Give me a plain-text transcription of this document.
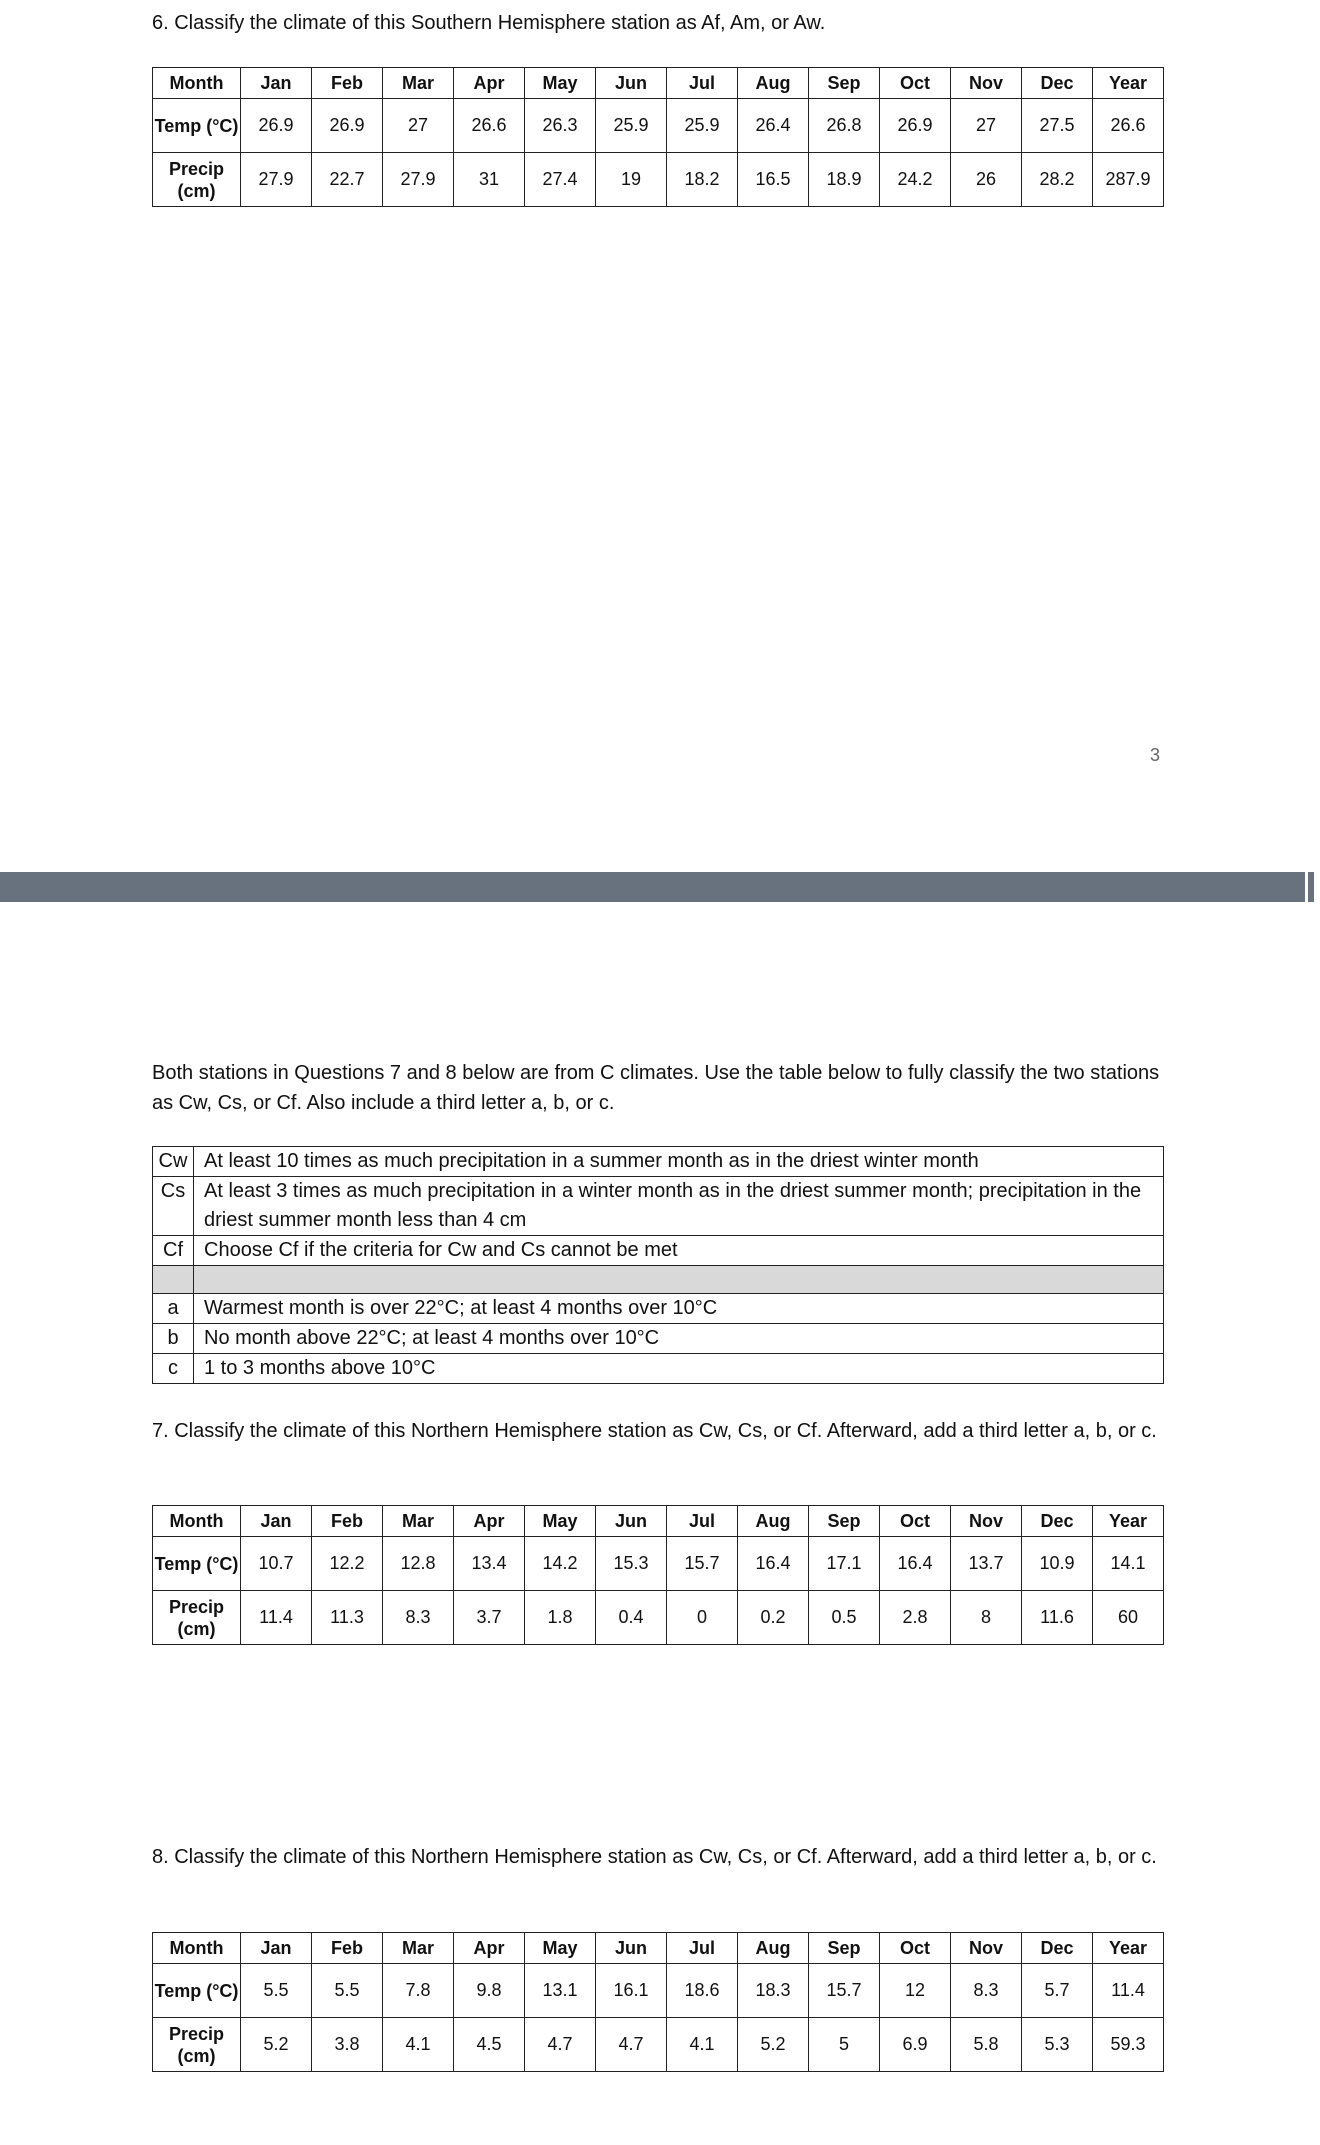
6. Classify the climate of this Southern Hemisphere station as Af, Am, or Aw.

Month	Jan	Feb	Mar	Apr	May	Jun	Jul	Aug	Sep	Oct	Nov	Dec	Year
Temp (°C)	26.9	26.9	27	26.6	26.3	25.9	25.9	26.4	26.8	26.9	27	27.5	26.6
Precip (cm)	27.9	22.7	27.9	31	27.4	19	18.2	16.5	18.9	24.2	26	28.2	287.9
3

Both stations in Questions 7 and 8 below are from C climates. Use the table below to fully classify the two stations as Cw, Cs, or Cf. Also include a third letter a, b, or c.

Cw	At least 10 times as much precipitation in a summer month as in the driest winter month
Cs	At least 3 times as much precipitation in a winter month as in the driest summer month; precipitation in the driest summer month less than 4 cm
Cf	Choose Cf if the criteria for Cw and Cs cannot be met

a	Warmest month is over 22°C; at least 4 months over 10°C
b	No month above 22°C; at least 4 months over 10°C
c	1 to 3 months above 10°C

7. Classify the climate of this Northern Hemisphere station as Cw, Cs, or Cf. Afterward, add a third letter a, b, or c.

Month	Jan	Feb	Mar	Apr	May	Jun	Jul	Aug	Sep	Oct	Nov	Dec	Year
Temp (°C)	10.7	12.2	12.8	13.4	14.2	15.3	15.7	16.4	17.1	16.4	13.7	10.9	14.1
Precip (cm)	11.4	11.3	8.3	3.7	1.8	0.4	0	0.2	0.5	2.8	8	11.6	60

8. Classify the climate of this Northern Hemisphere station as Cw, Cs, or Cf. Afterward, add a third letter a, b, or c.

Month	Jan	Feb	Mar	Apr	May	Jun	Jul	Aug	Sep	Oct	Nov	Dec	Year
Temp (°C)	5.5	5.5	7.8	9.8	13.1	16.1	18.6	18.3	15.7	12	8.3	5.7	11.4
Precip (cm)	5.2	3.8	4.1	4.5	4.7	4.7	4.1	5.2	5	6.9	5.8	5.3	59.3
